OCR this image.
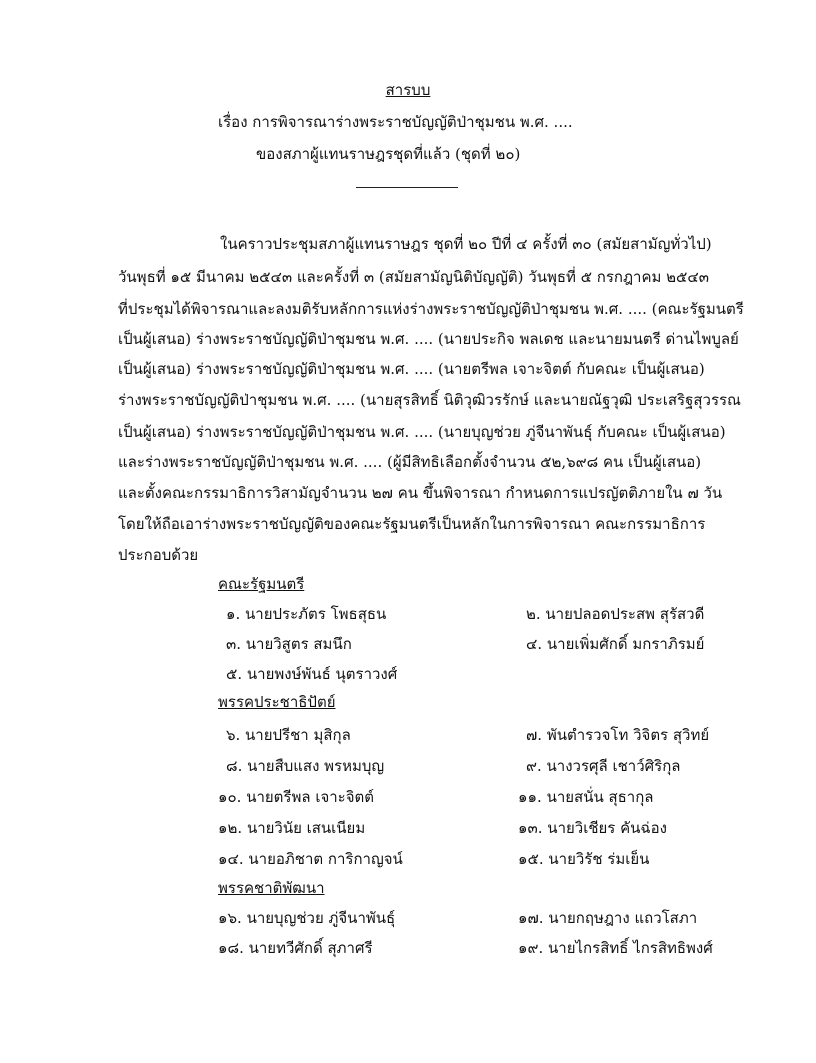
สารบบ
เรื่อง การพิจารณาร่างพระราชบัญญัติป่าชุมชน พ.ศ. ....
ของสภาผู้แทนราษฎรชุดที่แล้ว (ชุดที่ ๒๐)
ในคราวประชุมสภาผู้แทนราษฎร ชุดที่ ๒๐ ปีที่ ๔ ครั้งที่ ๓๐ (สมัยสามัญทั่วไป)
วันพุธที่ ๑๕ มีนาคม ๒๕๔๓ และครั้งที่ ๓ (สมัยสามัญนิติบัญญัติ) วันพุธที่ ๕ กรกฎาคม ๒๕๔๓
ที่ประชุมได้พิจารณาและลงมติรับหลักการแห่งร่างพระราชบัญญัติป่าชุมชน พ.ศ. .... (คณะรัฐมนตรี
เป็นผู้เสนอ) ร่างพระราชบัญญัติป่าชุมชน พ.ศ. .... (นายประกิจ พลเดช และนายมนตรี ด่านไพบูลย์
เป็นผู้เสนอ) ร่างพระราชบัญญัติป่าชุมชน พ.ศ. .... (นายตรีพล เจาะจิตต์ กับคณะ เป็นผู้เสนอ)
ร่างพระราชบัญญัติป่าชุมชน พ.ศ. .... (นายสุรสิทธิ์ นิติวุฒิวรรักษ์ และนายณัฐวุฒิ ประเสริฐสุวรรณ
เป็นผู้เสนอ) ร่างพระราชบัญญัติป่าชุมชน พ.ศ. .... (นายบุญช่วย ภู่จีนาพันธุ์ กับคณะ เป็นผู้เสนอ)
และร่างพระราชบัญญัติป่าชุมชน พ.ศ. .... (ผู้มีสิทธิเลือกตั้งจำนวน ๕๒,๖๙๘ คน เป็นผู้เสนอ)
และตั้งคณะกรรมาธิการวิสามัญจำนวน ๒๗ คน ขึ้นพิจารณา กำหนดการแปรญัตติภายใน ๗ วัน
โดยให้ถือเอาร่างพระราชบัญญัติของคณะรัฐมนตรีเป็นหลักในการพิจารณา คณะกรรมาธิการ
ประกอบด้วย
คณะรัฐมนตรี
๑. นายประภัตร โพธสุธน	๒. นายปลอดประสพ สุรัสวดี
๓. นายวิสูตร สมนึก	๔. นายเพิ่มศักดิ์ มกราภิรมย์
๕. นายพงษ์พันธ์ นุตราวงศ์
พรรคประชาธิปัตย์
๖. นายปรีชา มุสิกุล	๗. พันตำรวจโท วิจิตร สุวิทย์
๘. นายสืบแสง พรหมบุญ	๙. นางวรศุลี เชาว์ศิริกุล
๑๐. นายตรีพล เจาะจิตต์	๑๑. นายสนั่น สุธากุล
๑๒. นายวินัย เสนเนียม	๑๓. นายวิเชียร คันฉ่อง
๑๔. นายอภิชาต การิกาญจน์	๑๕. นายวิรัช ร่มเย็น
พรรคชาติพัฒนา
๑๖. นายบุญช่วย ภู่จีนาพันธุ์	๑๗. นายกฤษฎาง แถวโสภา
๑๘. นายทวีศักดิ์ สุภาศรี	๑๙. นายไกรสิทธิ์ ไกรสิทธิพงศ์
